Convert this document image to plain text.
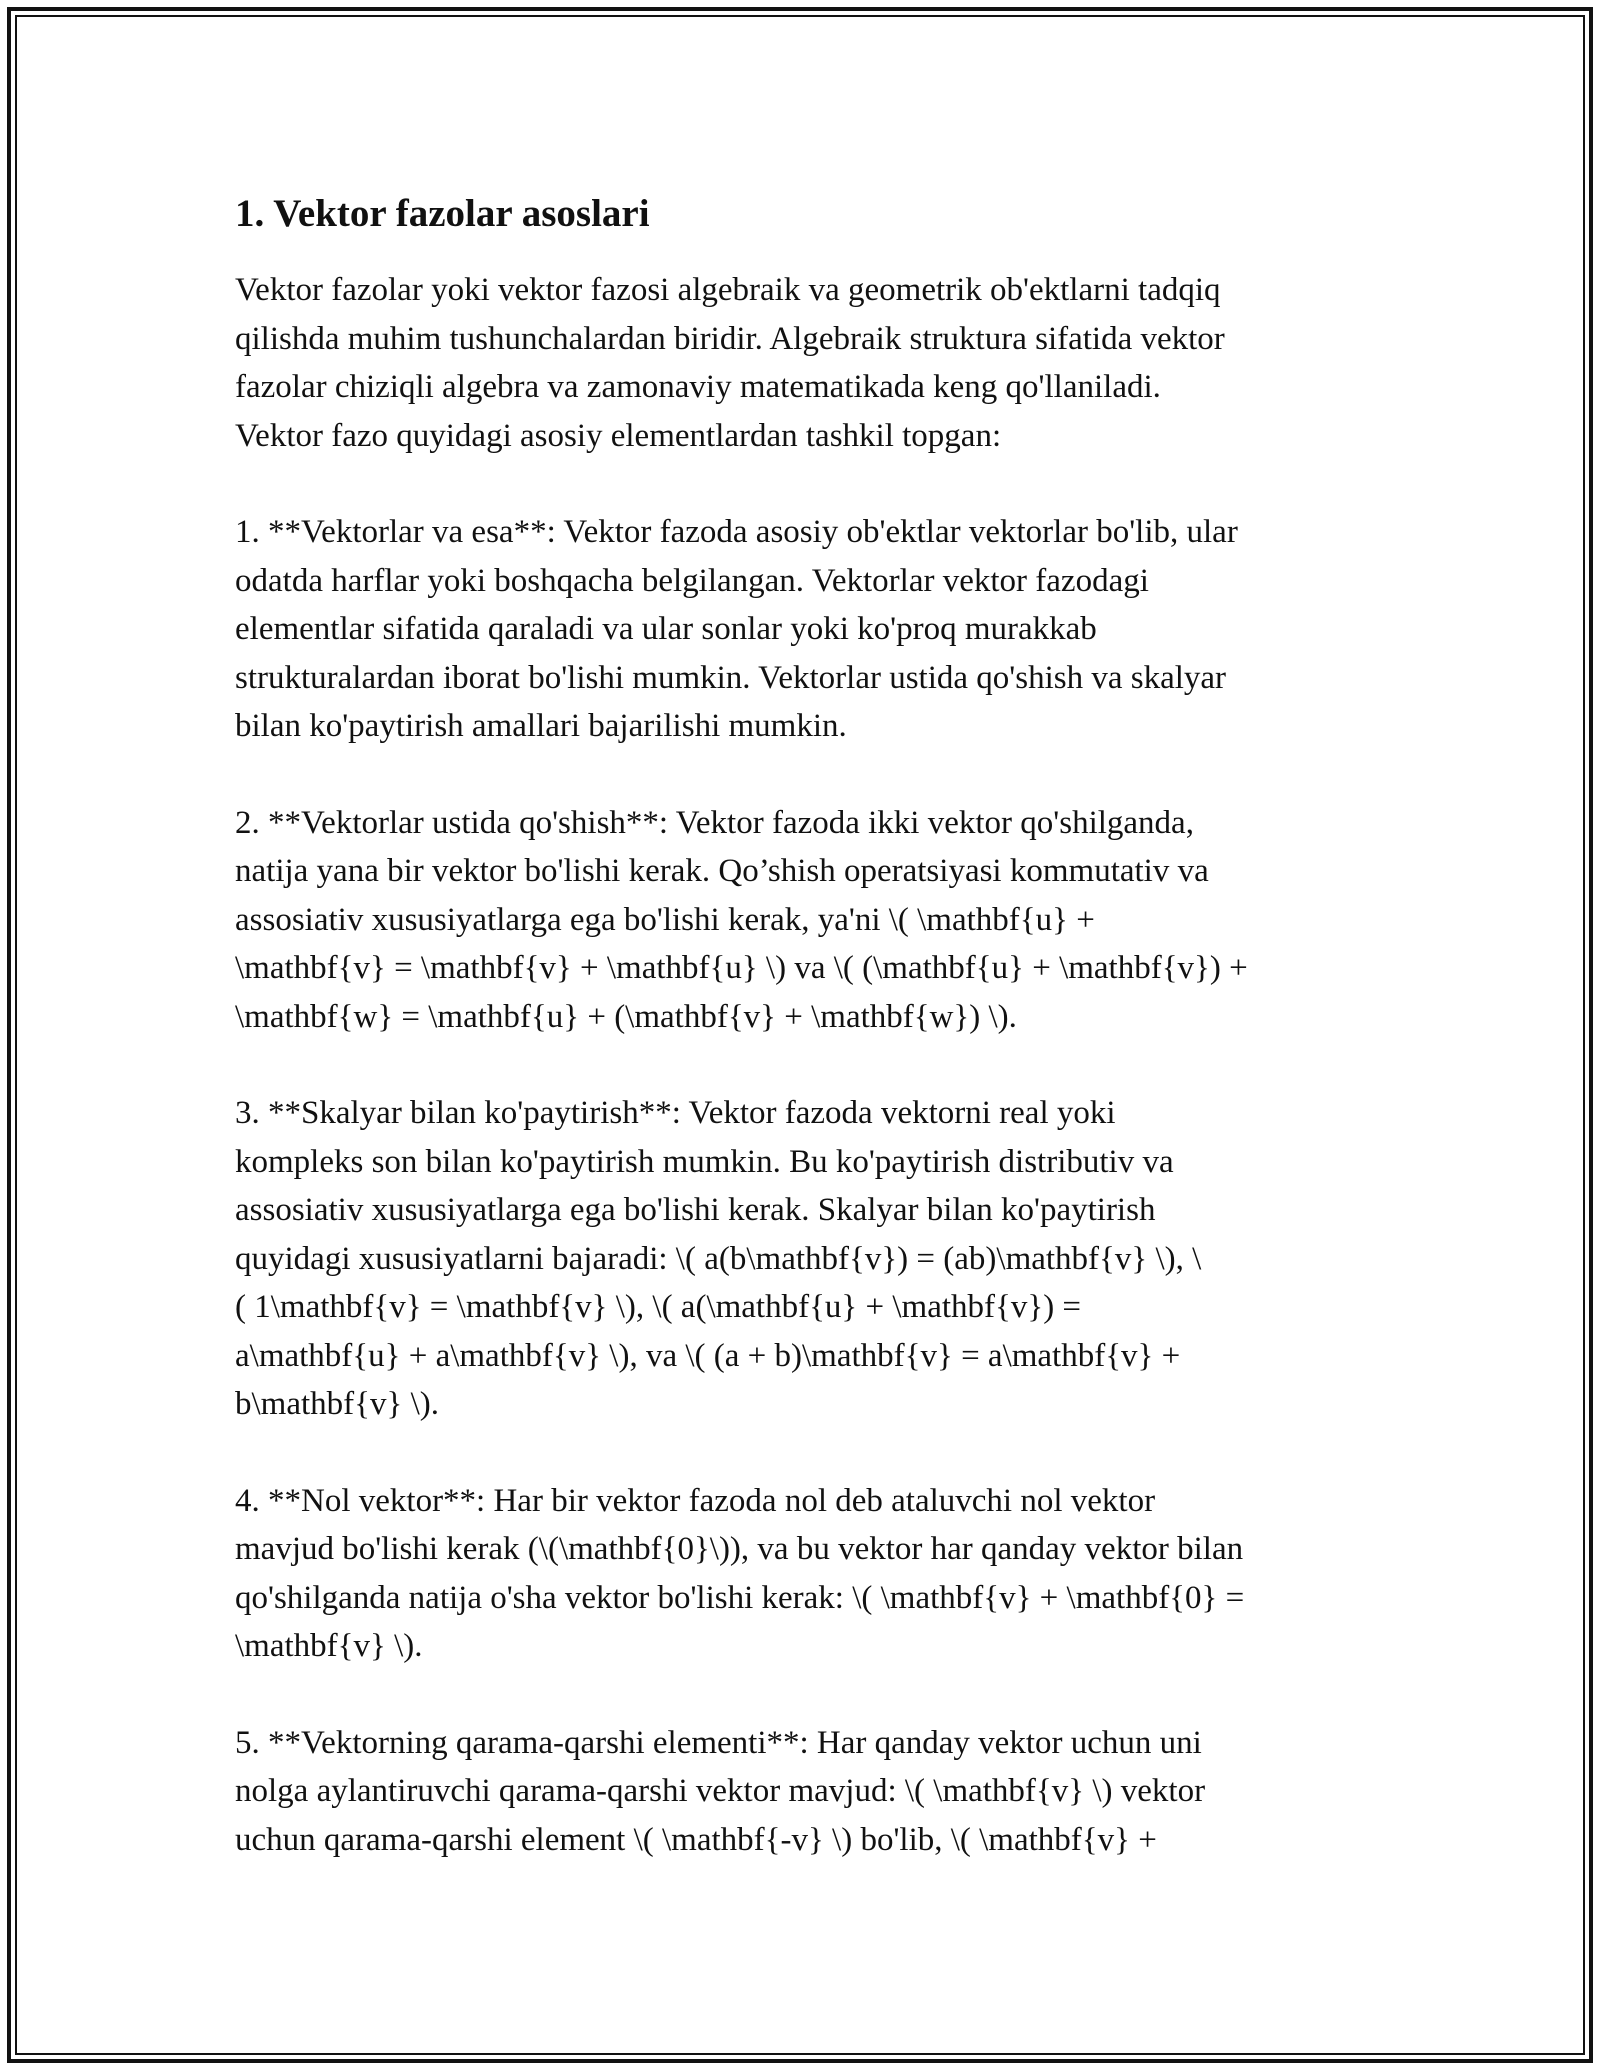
1. Vektor fazolar asoslari

Vektor fazolar yoki vektor fazosi algebraik va geometrik ob'ektlarni tadqiq
qilishda muhim tushunchalardan biridir. Algebraik struktura sifatida vektor
fazolar chiziqli algebra va zamonaviy matematikada keng qo'llaniladi.
Vektor fazo quyidagi asosiy elementlardan tashkil topgan:

1. **Vektorlar va esa**: Vektor fazoda asosiy ob'ektlar vektorlar bo'lib, ular
odatda harflar yoki boshqacha belgilangan. Vektorlar vektor fazodagi
elementlar sifatida qaraladi va ular sonlar yoki ko'proq murakkab
strukturalardan iborat bo'lishi mumkin. Vektorlar ustida qo'shish va skalyar
bilan ko'paytirish amallari bajarilishi mumkin.

2. **Vektorlar ustida qo'shish**: Vektor fazoda ikki vektor qo'shilganda,
natija yana bir vektor bo'lishi kerak. Qo’shish operatsiyasi kommutativ va
assosiativ xususiyatlarga ega bo'lishi kerak, ya'ni \( \mathbf{u} +
\mathbf{v} = \mathbf{v} + \mathbf{u} \) va \( (\mathbf{u} + \mathbf{v}) +
\mathbf{w} = \mathbf{u} + (\mathbf{v} + \mathbf{w}) \).

3. **Skalyar bilan ko'paytirish**: Vektor fazoda vektorni real yoki
kompleks son bilan ko'paytirish mumkin. Bu ko'paytirish distributiv va
assosiativ xususiyatlarga ega bo'lishi kerak. Skalyar bilan ko'paytirish
quyidagi xususiyatlarni bajaradi: \( a(b\mathbf{v}) = (ab)\mathbf{v} \), \
( 1\mathbf{v} = \mathbf{v} \), \( a(\mathbf{u} + \mathbf{v}) =
a\mathbf{u} + a\mathbf{v} \), va \( (a + b)\mathbf{v} = a\mathbf{v} +
b\mathbf{v} \).

4. **Nol vektor**: Har bir vektor fazoda nol deb ataluvchi nol vektor
mavjud bo'lishi kerak (\(\mathbf{0}\)), va bu vektor har qanday vektor bilan
qo'shilganda natija o'sha vektor bo'lishi kerak: \( \mathbf{v} + \mathbf{0} =
\mathbf{v} \).

5. **Vektorning qarama-qarshi elementi**: Har qanday vektor uchun uni
nolga aylantiruvchi qarama-qarshi vektor mavjud: \( \mathbf{v} \) vektor
uchun qarama-qarshi element \( \mathbf{-v} \) bo'lib, \( \mathbf{v} +
